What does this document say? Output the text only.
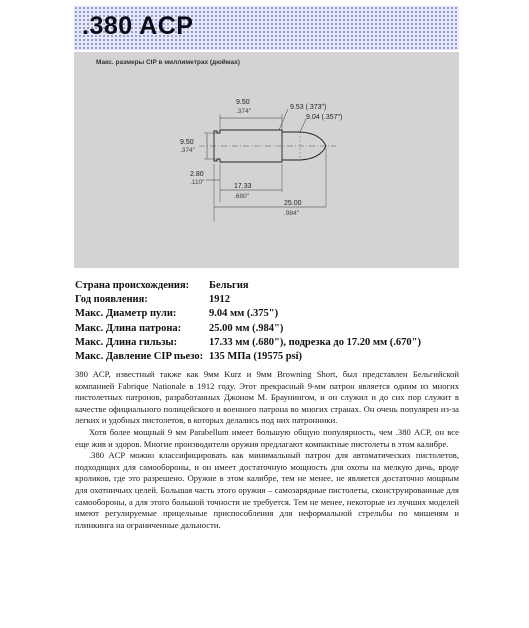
.380 ACP
Макс. размеры CIP в миллиметрах (дюймах)
9.50
.374"
9.53 (.373")
9.04 (.357")
9.50
.374"
2.80
.110"
17.33
.680"
25.00
.984"
Страна происхождения: Бельгия
Год появления:	1912
Макс. Диаметр пули:	9.04 мм (.375")
Макс. Длина патрона:	25.00 мм (.984")
Макс. Длина гильзы:	17.33 мм (.680"), подрезка до 17.20 мм (.670")
Макс. Давление CIP пьезо: 135 МПа (19575 psi)

380 ACP, известный также как 9мм Kurz и 9мм Browning Short, был представлен Бельгийской компанией Fabrique Nationale в 1912 году. Этот прекрасный 9-мм патрон является одним из многих пистолетных патронов, разработанных Джоном М. Браунингом, и он служил и до сих пор служит в качестве официального полицейского и военного патрона во многих странах. Он очень популярен из-за легких и удобных пистолетов, в которых делались под них патронники.

Хотя более мощный 9 мм Parabellum имеет большую общую популярность, чем .380 ACP, он все еще жив и здоров. Многие производители оружия предлагают компактные пистолеты в этом калибре.

.380 ACP можно классифицировать как минимальный патрон для автоматических пистолетов, подходящих для самообороны, и он имеет достаточную мощность для охоты на мелкую дичь, вроде кроликов, где это разрешено. Оружие в этом калибре, тем не менее, не является достаточно мощным для охотничьих целей. Большая часть этого оружия – самозарядные пистолеты, сконструированные для самообороны, а для этого большой точности не требуется. Тем не менее, некоторые из лучших моделей имеют регулируемые прицельные приспособления для неформальной стрельбы по мишеням и плинкинга на ограниченные дальности.
